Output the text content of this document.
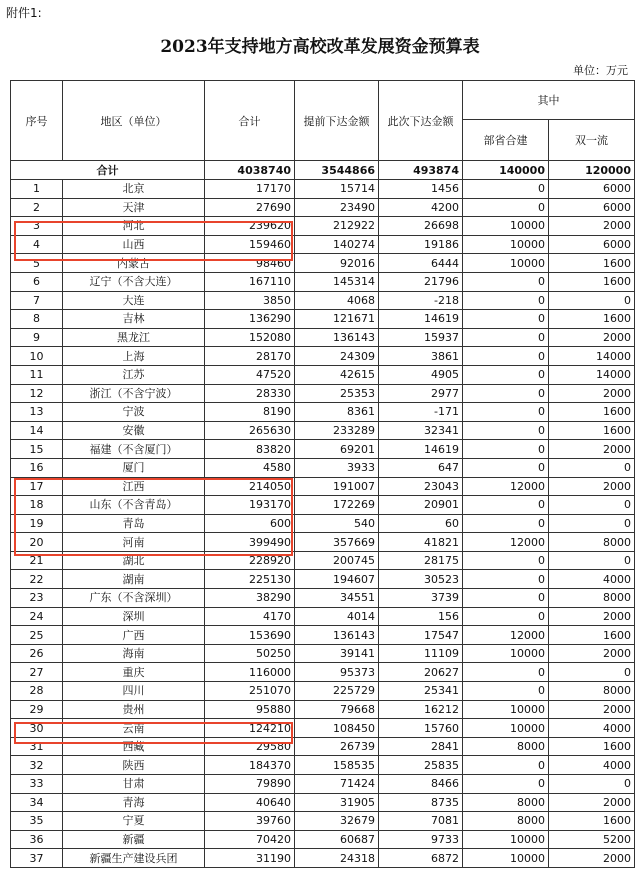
附件1:
2023年支持地方高校改革发展资金预算表
单位：万元
序号	地区（单位）	合计	提前下达金额	此次下达金额	其中	
					部省合建	双一流
合计		4038740	3544866	493874	140000	120000
1	北京	17170	15714	1456	0	6000
2	天津	27690	23490	4200	0	6000
3	河北	239620	212922	26698	10000	2000
4	山西	159460	140274	19186	10000	6000
5	内蒙古	98460	92016	6444	10000	1600
6	辽宁（不含大连）	167110	145314	21796	0	1600
7	大连	3850	4068	-218	0	0
8	吉林	136290	121671	14619	0	1600
9	黑龙江	152080	136143	15937	0	2000
10	上海	28170	24309	3861	0	14000
11	江苏	47520	42615	4905	0	14000
12	浙江（不含宁波）	28330	25353	2977	0	2000
13	宁波	8190	8361	-171	0	1600
14	安徽	265630	233289	32341	0	1600
15	福建（不含厦门）	83820	69201	14619	0	2000
16	厦门	4580	3933	647	0	0
17	江西	214050	191007	23043	12000	2000
18	山东（不含青岛）	193170	172269	20901	0	0
19	青岛	600	540	60	0	0
20	河南	399490	357669	41821	12000	8000
21	湖北	228920	200745	28175	0	0
22	湖南	225130	194607	30523	0	4000
23	广东（不含深圳）	38290	34551	3739	0	8000
24	深圳	4170	4014	156	0	2000
25	广西	153690	136143	17547	12000	1600
26	海南	50250	39141	11109	10000	2000
27	重庆	116000	95373	20627	0	0
28	四川	251070	225729	25341	0	8000
29	贵州	95880	79668	16212	10000	2000
30	云南	124210	108450	15760	10000	4000
31	西藏	29580	26739	2841	8000	1600
32	陕西	184370	158535	25835	0	4000
33	甘肃	79890	71424	8466	0	0
34	青海	40640	31905	8735	8000	2000
35	宁夏	39760	32679	7081	8000	1600
36	新疆	70420	60687	9733	10000	5200
37	新疆生产建设兵团	31190	24318	6872	10000	2000
